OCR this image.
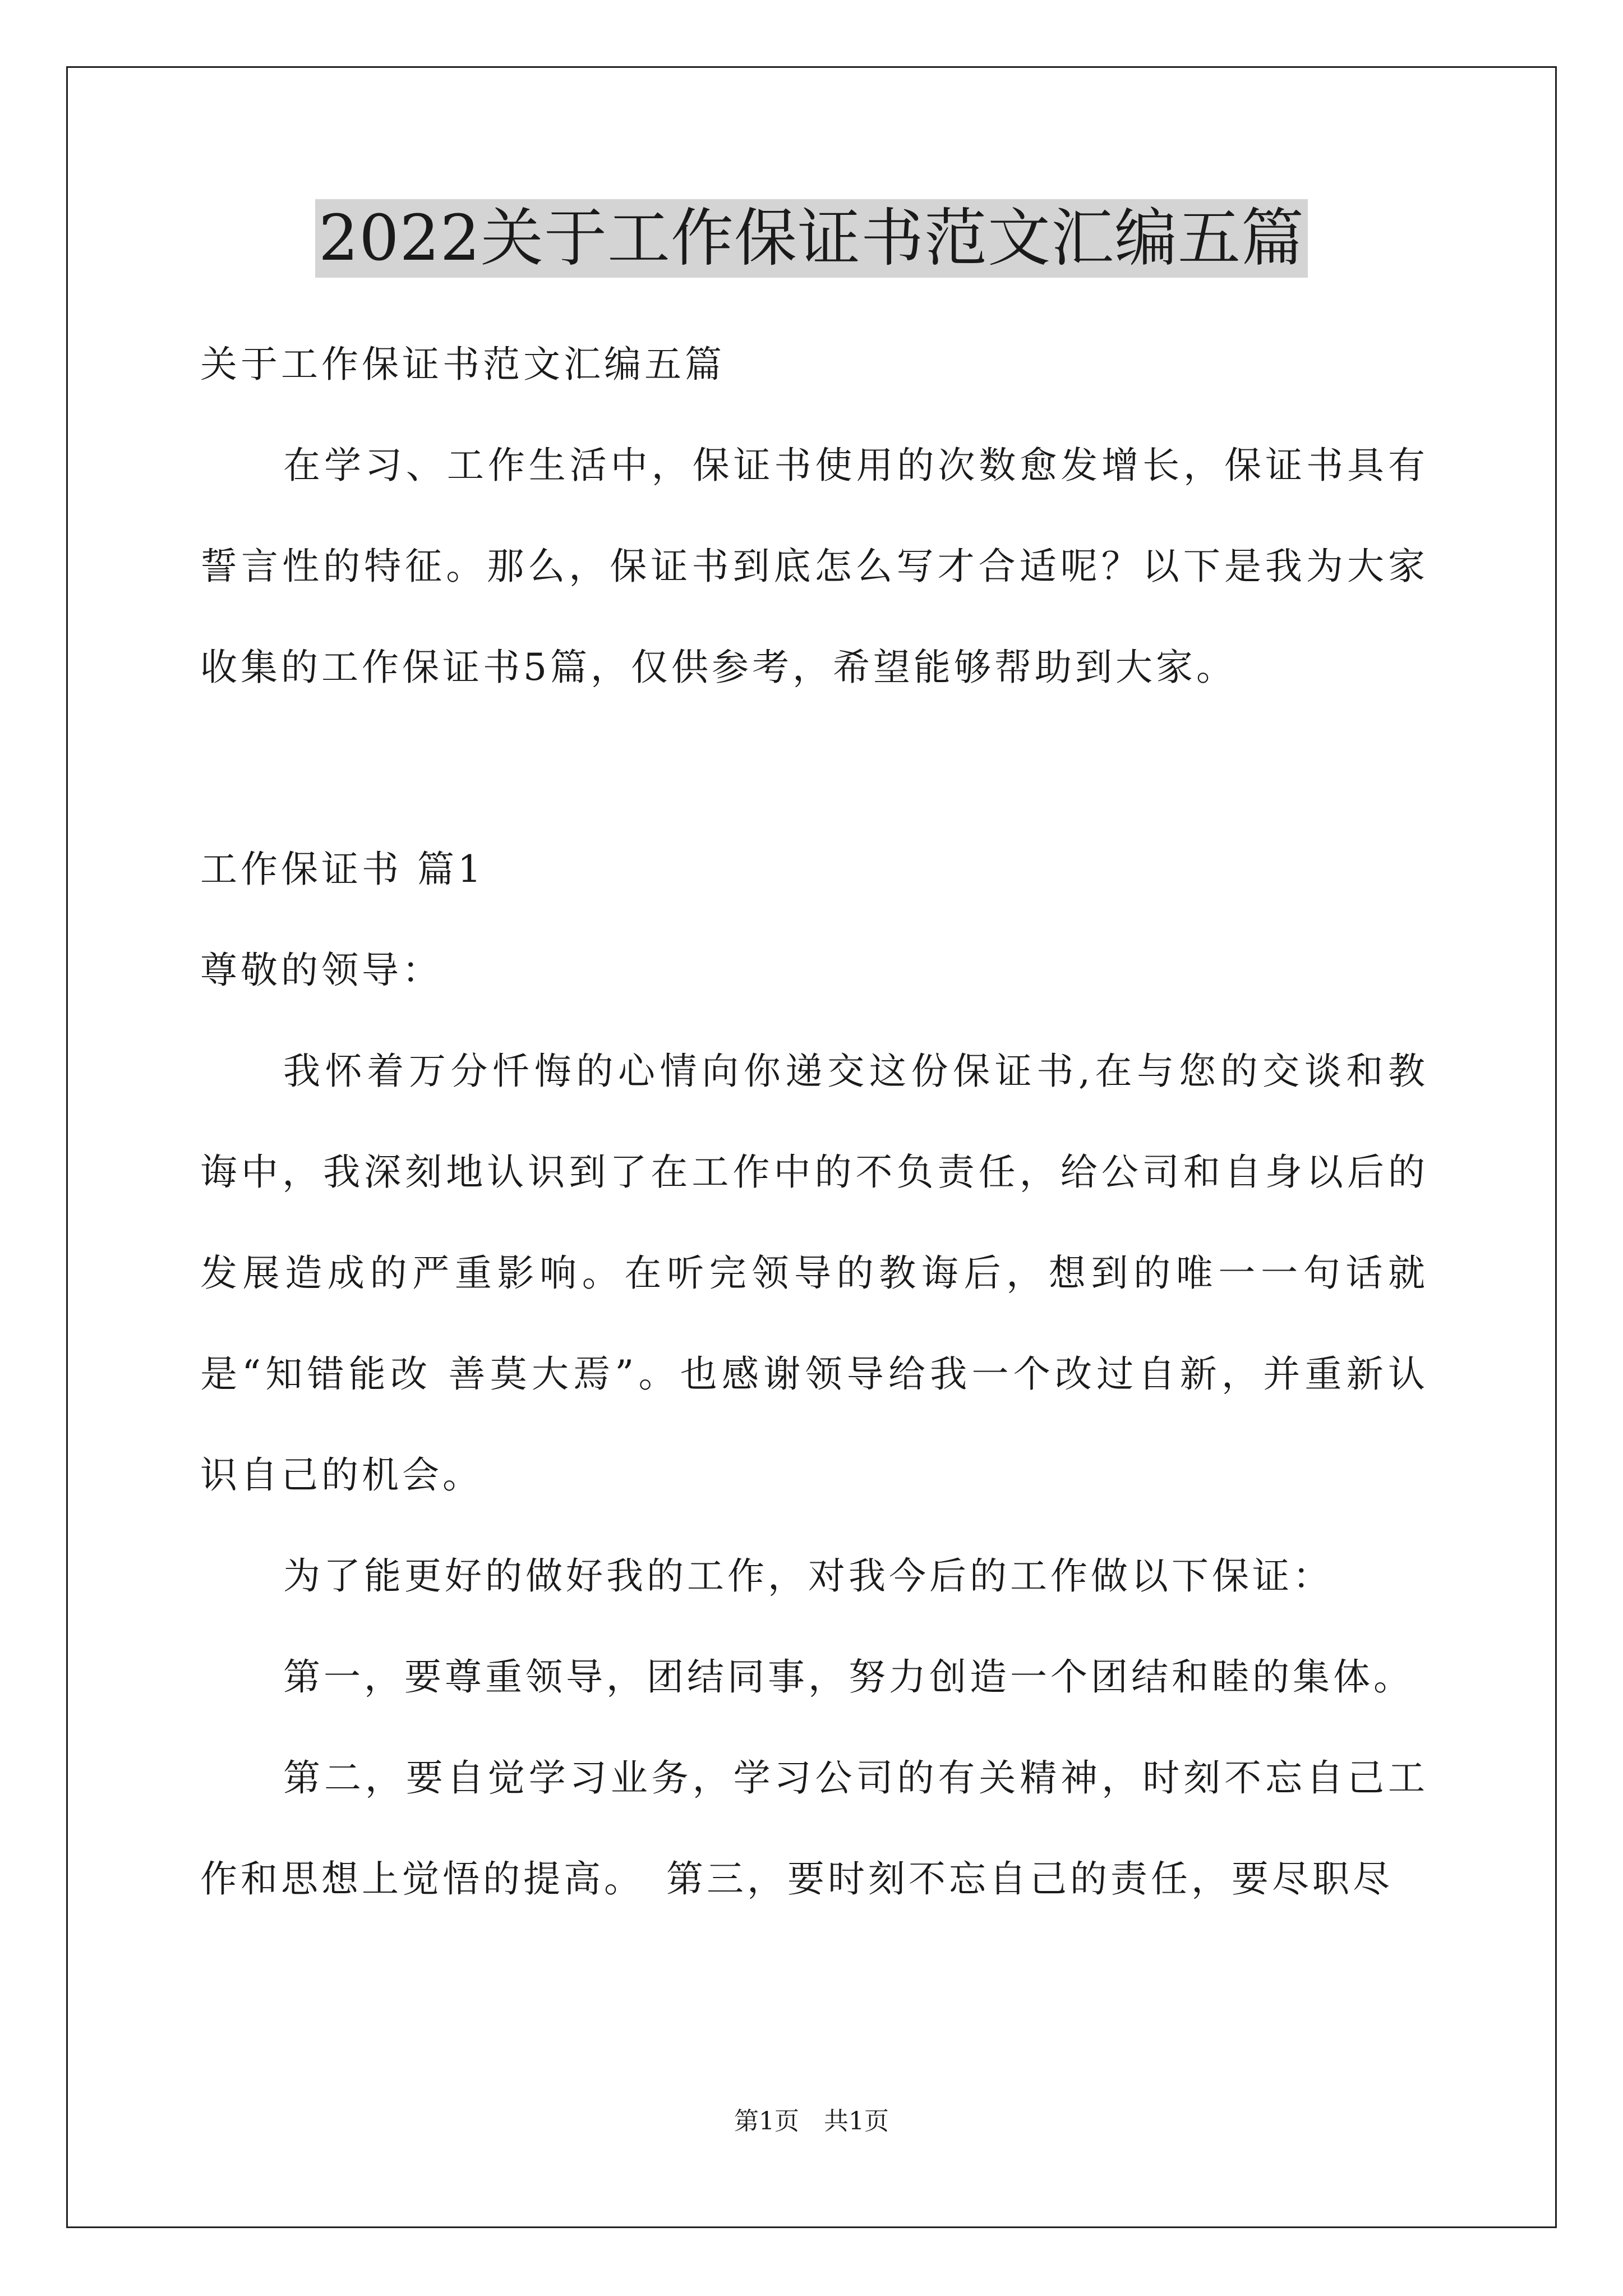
2022关于工作保证书范文汇编五篇

关于工作保证书范文汇编五篇

在学习、工作生活中，保证书使用的次数愈发增长，保证书具有誓言性的特征。那么，保证书到底怎么写才合适呢？以下是我为大家收集的工作保证书5篇，仅供参考，希望能够帮助到大家。

工作保证书 篇1

尊敬的领导：

我怀着万分忏悔的心情向你递交这份保证书,在与您的交谈和教诲中，我深刻地认识到了在工作中的不负责任，给公司和自身以后的发展造成的严重影响。在听完领导的教诲后，想到的唯一一句话就是“知错能改 善莫大焉”。也感谢领导给我一个改过自新，并重新认识自己的机会。

为了能更好的做好我的工作，对我今后的工作做以下保证：

第一，要尊重领导，团结同事，努力创造一个团结和睦的集体。

第二，要自觉学习业务，学习公司的有关精神，时刻不忘自己工作和思想上觉悟的提高。　第三，要时刻不忘自己的责任，要尽职尽

第1页 共1页
